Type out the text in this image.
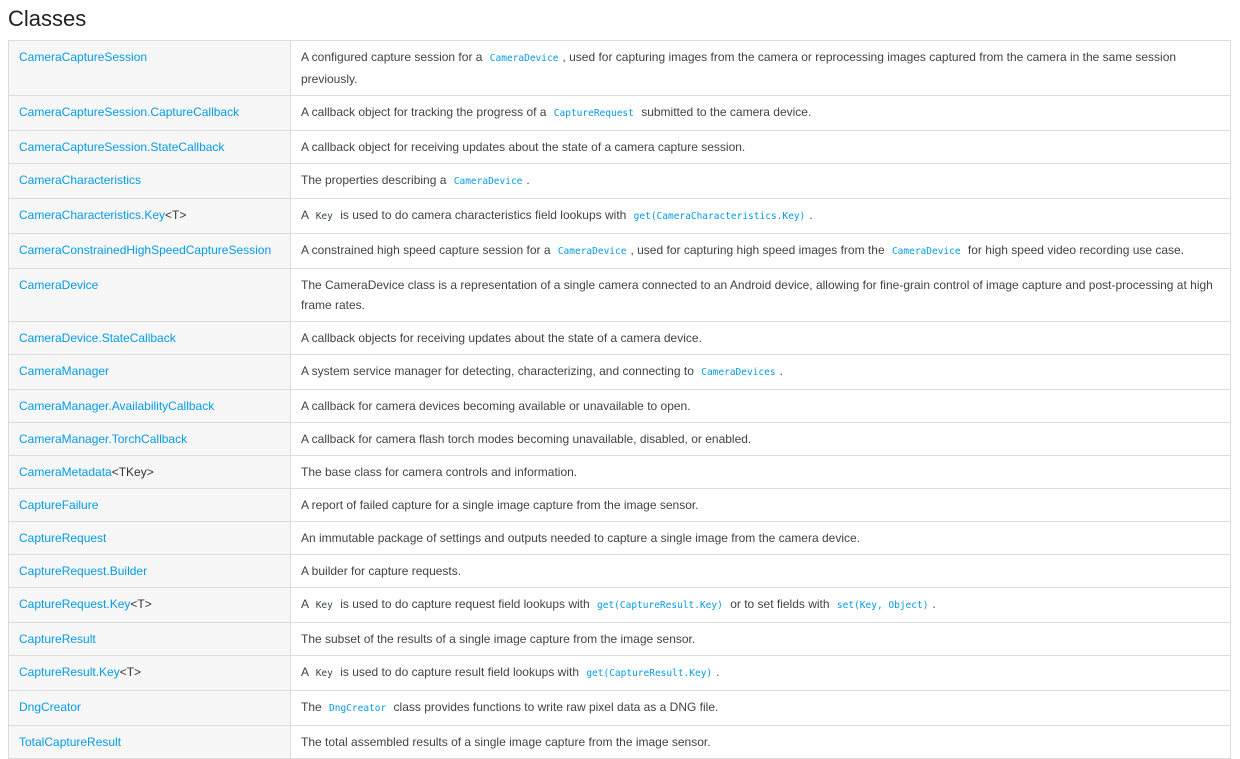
Classes
CameraCaptureSession	A configured capture session for a CameraDevice , used for capturing images from the camera or reprocessing images captured from the camera in the same session previously.
CameraCaptureSession.CaptureCallback	A callback object for tracking the progress of a CaptureRequest submitted to the camera device.
CameraCaptureSession.StateCallback	A callback object for receiving updates about the state of a camera capture session.
CameraCharacteristics	The properties describing a CameraDevice .
CameraCharacteristics.Key<T>	A Key is used to do camera characteristics field lookups with get(CameraCharacteristics.Key) .
CameraConstrainedHighSpeedCaptureSession	A constrained high speed capture session for a CameraDevice , used for capturing high speed images from the CameraDevice for high speed video recording use case.
CameraDevice	The CameraDevice class is a representation of a single camera connected to an Android device, allowing for fine-grain control of image capture and post-processing at high frame rates.
CameraDevice.StateCallback	A callback objects for receiving updates about the state of a camera device.
CameraManager	A system service manager for detecting, characterizing, and connecting to CameraDevices .
CameraManager.AvailabilityCallback	A callback for camera devices becoming available or unavailable to open.
CameraManager.TorchCallback	A callback for camera flash torch modes becoming unavailable, disabled, or enabled.
CameraMetadata<TKey>	The base class for camera controls and information.
CaptureFailure	A report of failed capture for a single image capture from the image sensor.
CaptureRequest	An immutable package of settings and outputs needed to capture a single image from the camera device.
CaptureRequest.Builder	A builder for capture requests.
CaptureRequest.Key<T>	A Key is used to do capture request field lookups with get(CaptureResult.Key) or to set fields with set(Key, Object) .
CaptureResult	The subset of the results of a single image capture from the image sensor.
CaptureResult.Key<T>	A Key is used to do capture result field lookups with get(CaptureResult.Key) .
DngCreator	The DngCreator class provides functions to write raw pixel data as a DNG file.
TotalCaptureResult	The total assembled results of a single image capture from the image sensor.
